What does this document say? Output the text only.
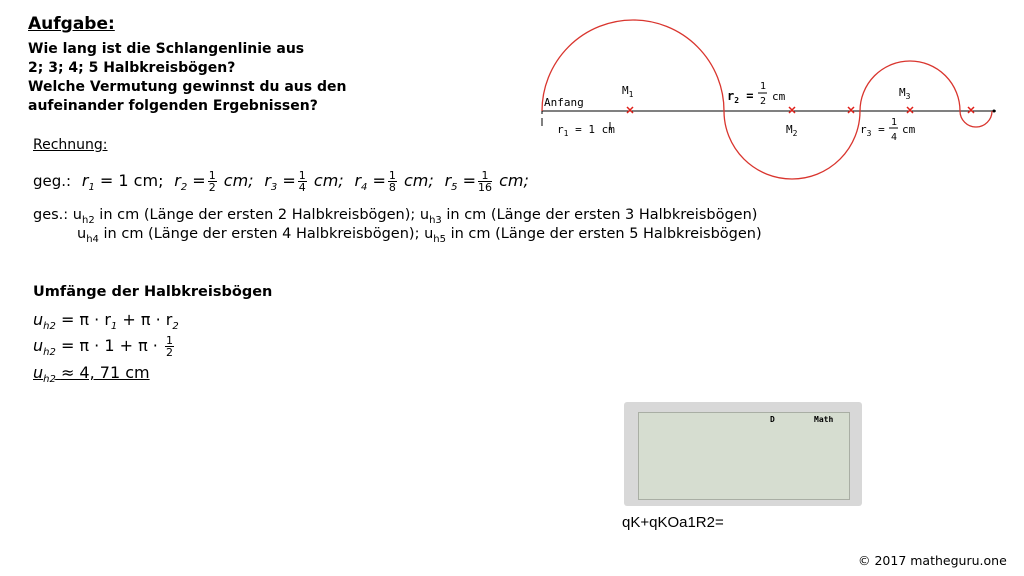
Aufgabe:
Wie lang ist die Schlangenlinie aus
2; 3; 4; 5 Halbkreisbögen?
Welche Vermutung gewinnst du aus den
aufeinander folgenden Ergebnissen?	Anfang
$r_1 = 1$ cm
$M_1$
$M_2$
$M_3$
$r_2$ =
1
2 cm
$r_3$ =
1
4
cm
Rechnung:
geg.: $r_1 = 1$ cm; $r_2 = \frac{1}{2}$ cm; $r_3 = \frac{1}{4}$ cm; $r_4 = \frac{1}{8}$ cm; $r_5 = \frac{1}{16}$ cm;
ges.: $u_{h2}$ in cm (Länge der ersten 2 Halbkreisbögen); $u_{h3}$ in cm (Länge der ersten 3 Halbkreisbögen)
$u_{h4}$ in cm (Länge der ersten 4 Halbkreisbögen); $u_{h5}$ in cm (Länge der ersten 5 Halbkreisbögen)
Umfänge der Halbkreisbögen
$u_{h2} = \pi \cdot r_1 + \pi \cdot r_2$
$u_{h2} = \pi \cdot 1 + \pi \cdot \frac{1}{2}$
$u_{h2} \approx 4$, 71 cm
D	Math
qK+qKOa1R2=
© 2017 matheguru.one
